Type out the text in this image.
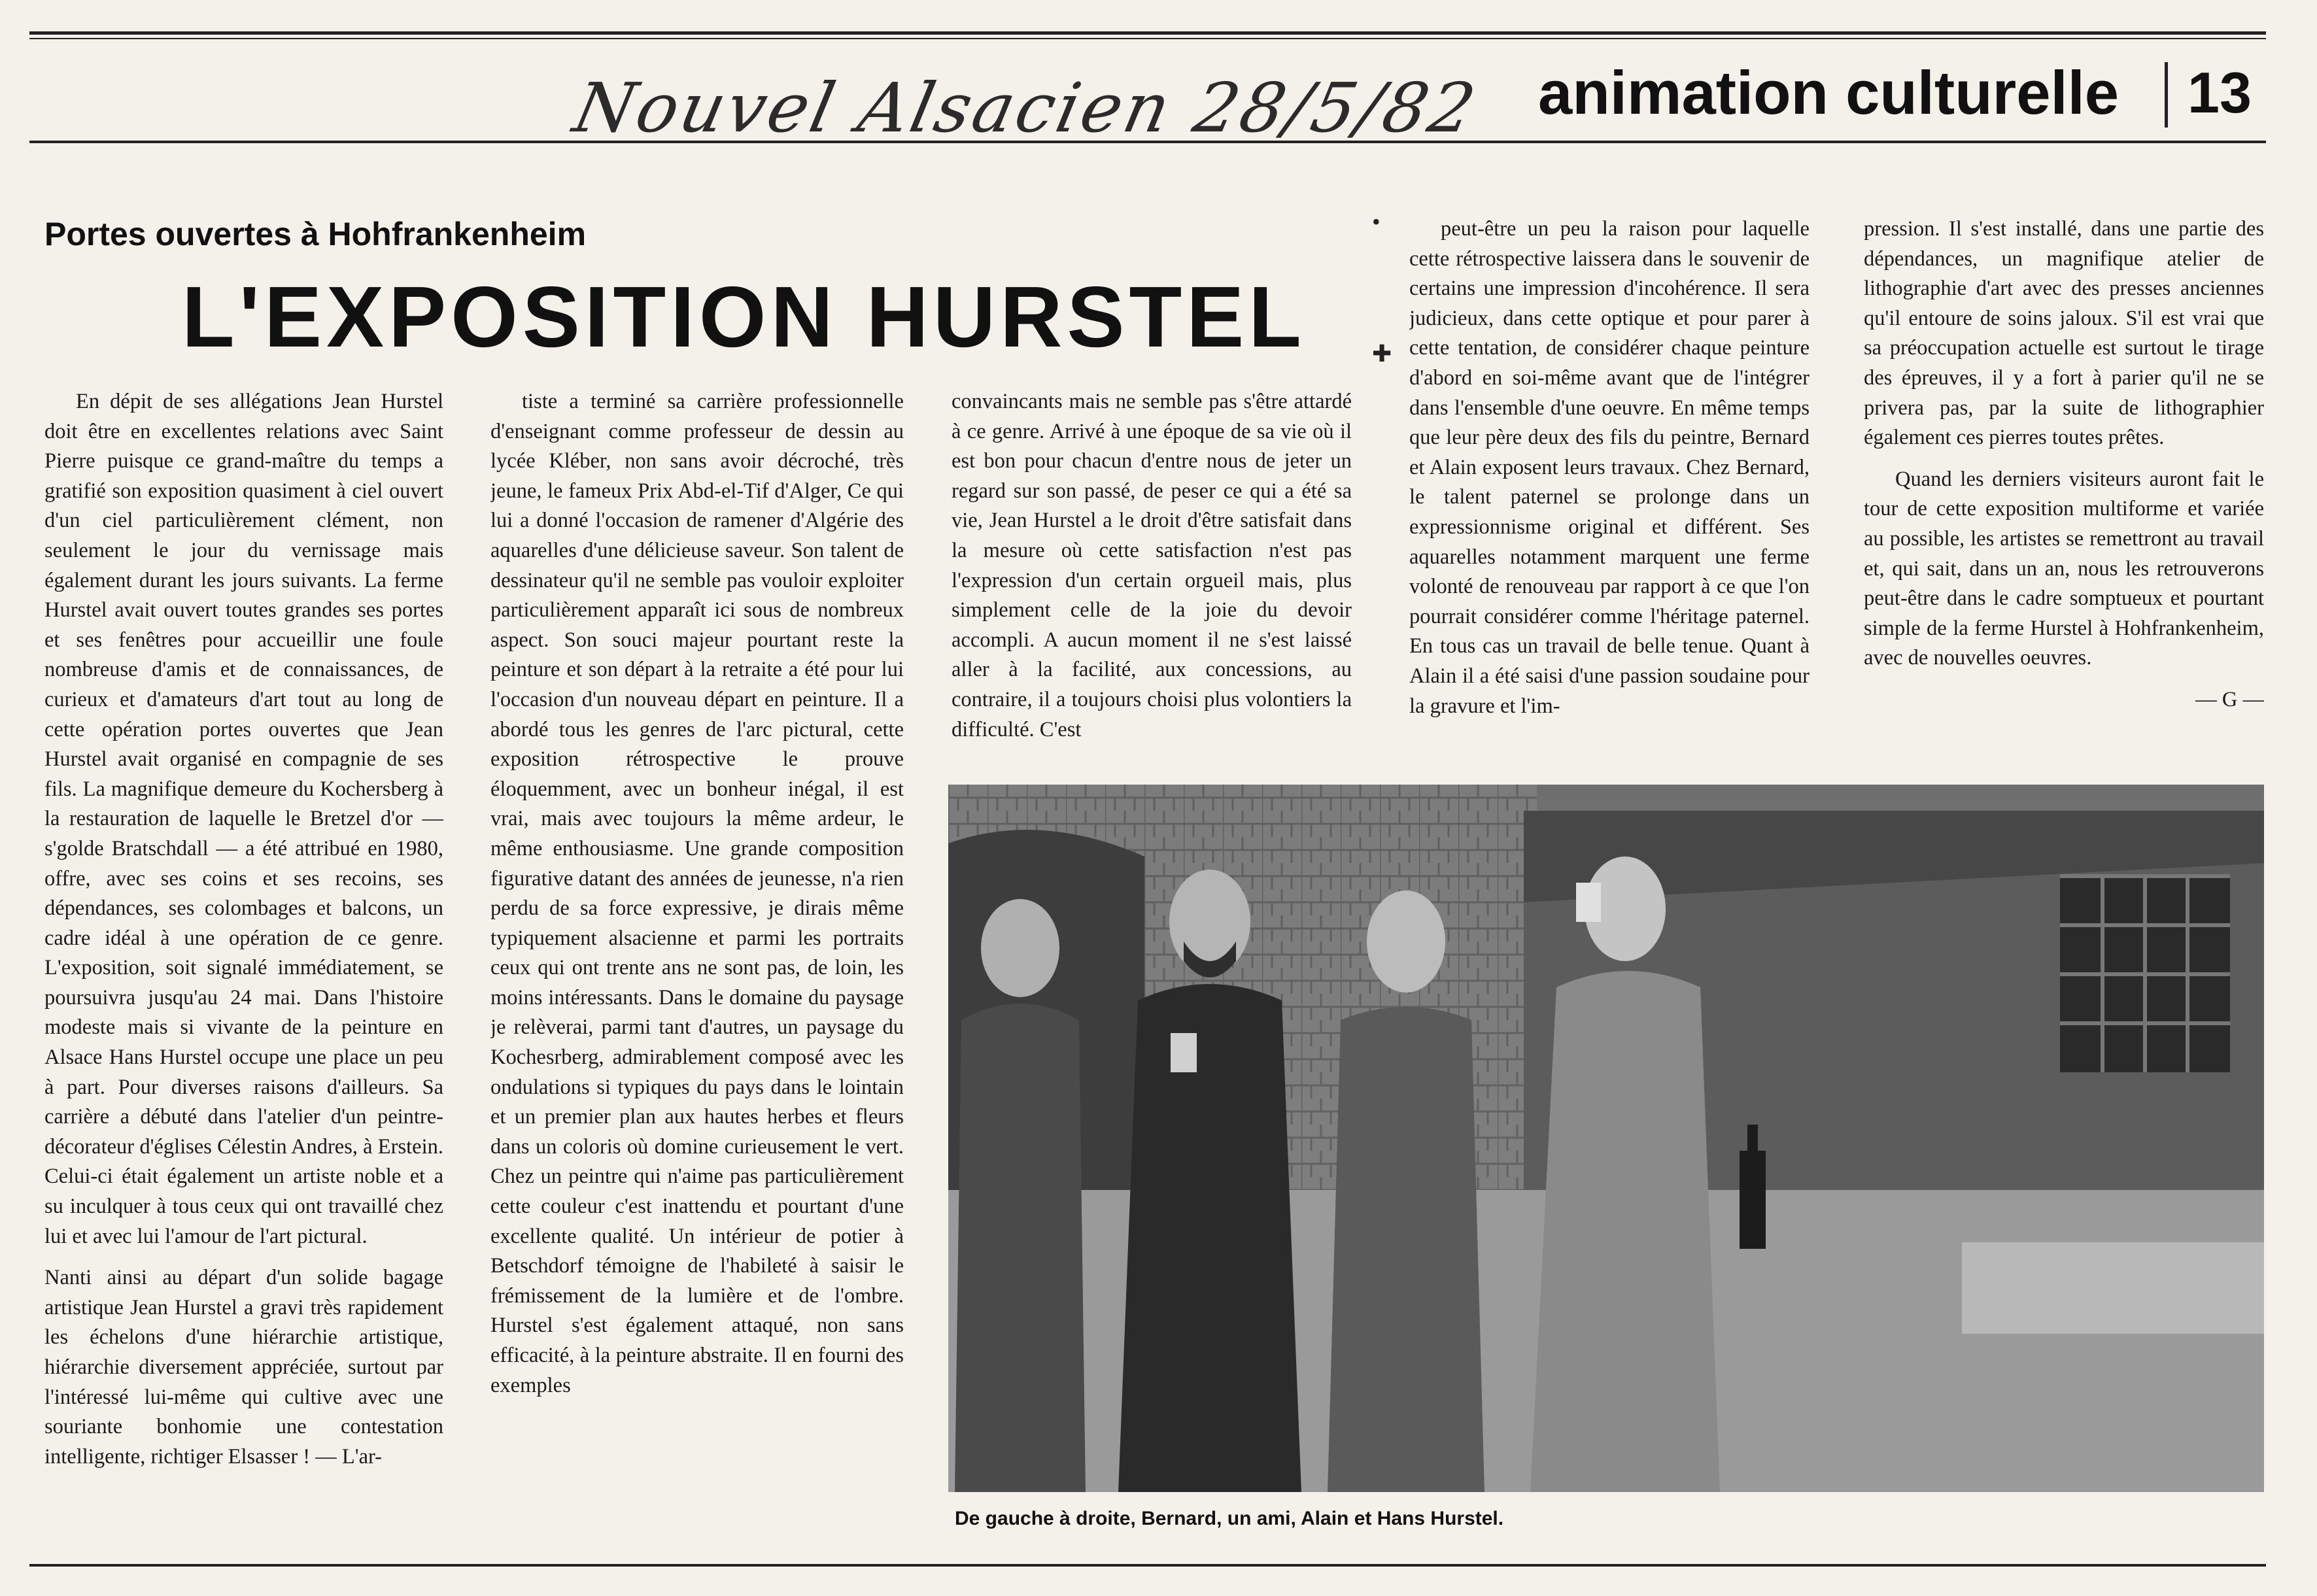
Nouvel Alsacien 28/5/82 animation culturelle 13
Portes ouvertes à Hohfrankenheim
L'EXPOSITION HURSTEL

En dépit de ses allégations Jean Hurstel doit être en excellentes relations avec Saint Pierre puisque ce grand-maître du temps a gratifié son exposition quasiment à ciel ouvert d'un ciel particulièrement clément, non seulement le jour du vernissage mais également durant les jours suivants. La ferme Hurstel avait ouvert toutes grandes ses portes et ses fenêtres pour accueillir une foule nombreuse d'amis et de connaissances, de curieux et d'amateurs d'art tout au long de cette opération portes ouvertes que Jean Hurstel avait organisé en compagnie de ses fils. La magnifique demeure du Kochersberg à la restauration de laquelle le Bretzel d'or — s'golde Bratschdall — a été attribué en 1980, offre, avec ses coins et ses recoins, ses dépendances, ses colombages et balcons, un cadre idéal à une opération de ce genre. L'exposition, soit signalé immédiatement, se poursuivra jusqu'au 24 mai. Dans l'histoire modeste mais si vivante de la peinture en Alsace Hans Hurstel occupe une place un peu à part. Pour diverses raisons d'ailleurs. Sa carrière a débuté dans l'atelier d'un peintre-décorateur d'églises Célestin Andres, à Erstein. Celui-ci était également un artiste noble et a su inculquer à tous ceux qui ont travaillé chez lui et avec lui l'amour de l'art pictural.

Nanti ainsi au départ d'un solide bagage artistique Jean Hurstel a gravi très rapidement les échelons d'une hiérarchie artistique, hiérarchie diversement appréciée, surtout par l'intéressé lui-même qui cultive avec une souriante bonhomie une contestation intelligente, richtiger Elsasser ! — L'ar-

tiste a terminé sa carrière professionnelle d'enseignant comme professeur de dessin au lycée Kléber, non sans avoir décroché, très jeune, le fameux Prix Abd-el-Tif d'Alger, Ce qui lui a donné l'occasion de ramener d'Algérie des aquarelles d'une délicieuse saveur. Son talent de dessinateur qu'il ne semble pas vouloir exploiter particulièrement apparaît ici sous de nombreux aspect. Son souci majeur pourtant reste la peinture et son départ à la retraite a été pour lui l'occasion d'un nouveau départ en peinture. Il a abordé tous les genres de l'arc pictural, cette exposition rétrospective le prouve éloquemment, avec un bonheur inégal, il est vrai, mais avec toujours la même ardeur, le même enthousiasme. Une grande composition figurative datant des années de jeunesse, n'a rien perdu de sa force expressive, je dirais même typiquement alsacienne et parmi les portraits ceux qui ont trente ans ne sont pas, de loin, les moins intéressants. Dans le domaine du paysage je relèverai, parmi tant d'autres, un paysage du Kochesrberg, admirablement composé avec les ondulations si typiques du pays dans le lointain et un premier plan aux hautes herbes et fleurs dans un coloris où domine curieusement le vert. Chez un peintre qui n'aime pas particulièrement cette couleur c'est inattendu et pourtant d'une excellente qualité. Un intérieur de potier à Betschdorf témoigne de l'habileté à saisir le frémissement de la lumière et de l'ombre. Hurstel s'est également attaqué, non sans efficacité, à la peinture abstraite. Il en fourni des exemples

convaincants mais ne semble pas s'être attardé à ce genre. Arrivé à une époque de sa vie où il est bon pour chacun d'entre nous de jeter un regard sur son passé, de peser ce qui a été sa vie, Jean Hurstel a le droit d'être satisfait dans la mesure où cette satisfaction n'est pas l'expression d'un certain orgueil mais, plus simplement celle de la joie du devoir accompli. A aucun moment il ne s'est laissé aller à la facilité, aux concessions, au contraire, il a toujours choisi plus volontiers la difficulté. C'est

peut-être un peu la raison pour laquelle cette rétrospective laissera dans le souvenir de certains une impression d'incohérence. Il sera judicieux, dans cette optique et pour parer à cette tentation, de considérer chaque peinture d'abord en soi-même avant que de l'intégrer dans l'ensemble d'une oeuvre. En même temps que leur père deux des fils du peintre, Bernard et Alain exposent leurs travaux. Chez Bernard, le talent paternel se prolonge dans un expressionnisme original et différent. Ses aquarelles notamment marquent une ferme volonté de renouveau par rapport à ce que l'on pourrait considérer comme l'héritage paternel. En tous cas un travail de belle tenue. Quant à Alain il a été saisi d'une passion soudaine pour la gravure et l'im-

•
✚

pression. Il s'est installé, dans une partie des dépendances, un magnifique atelier de lithographie d'art avec des presses anciennes qu'il entoure de soins jaloux. S'il est vrai que sa préoccupation actuelle est surtout le tirage des épreuves, il y a fort à parier qu'il ne se privera pas, par la suite de lithographier également ces pierres toutes prêtes.

Quand les derniers visiteurs auront fait le tour de cette exposition multiforme et variée au possible, les artistes se remettront au travail et, qui sait, dans un an, nous les retrouverons peut-être dans le cadre somptueux et pourtant simple de la ferme Hurstel à Hohfrankenheim, avec de nouvelles oeuvres.

— G —

De gauche à droite, Bernard, un ami, Alain et Hans Hurstel.
